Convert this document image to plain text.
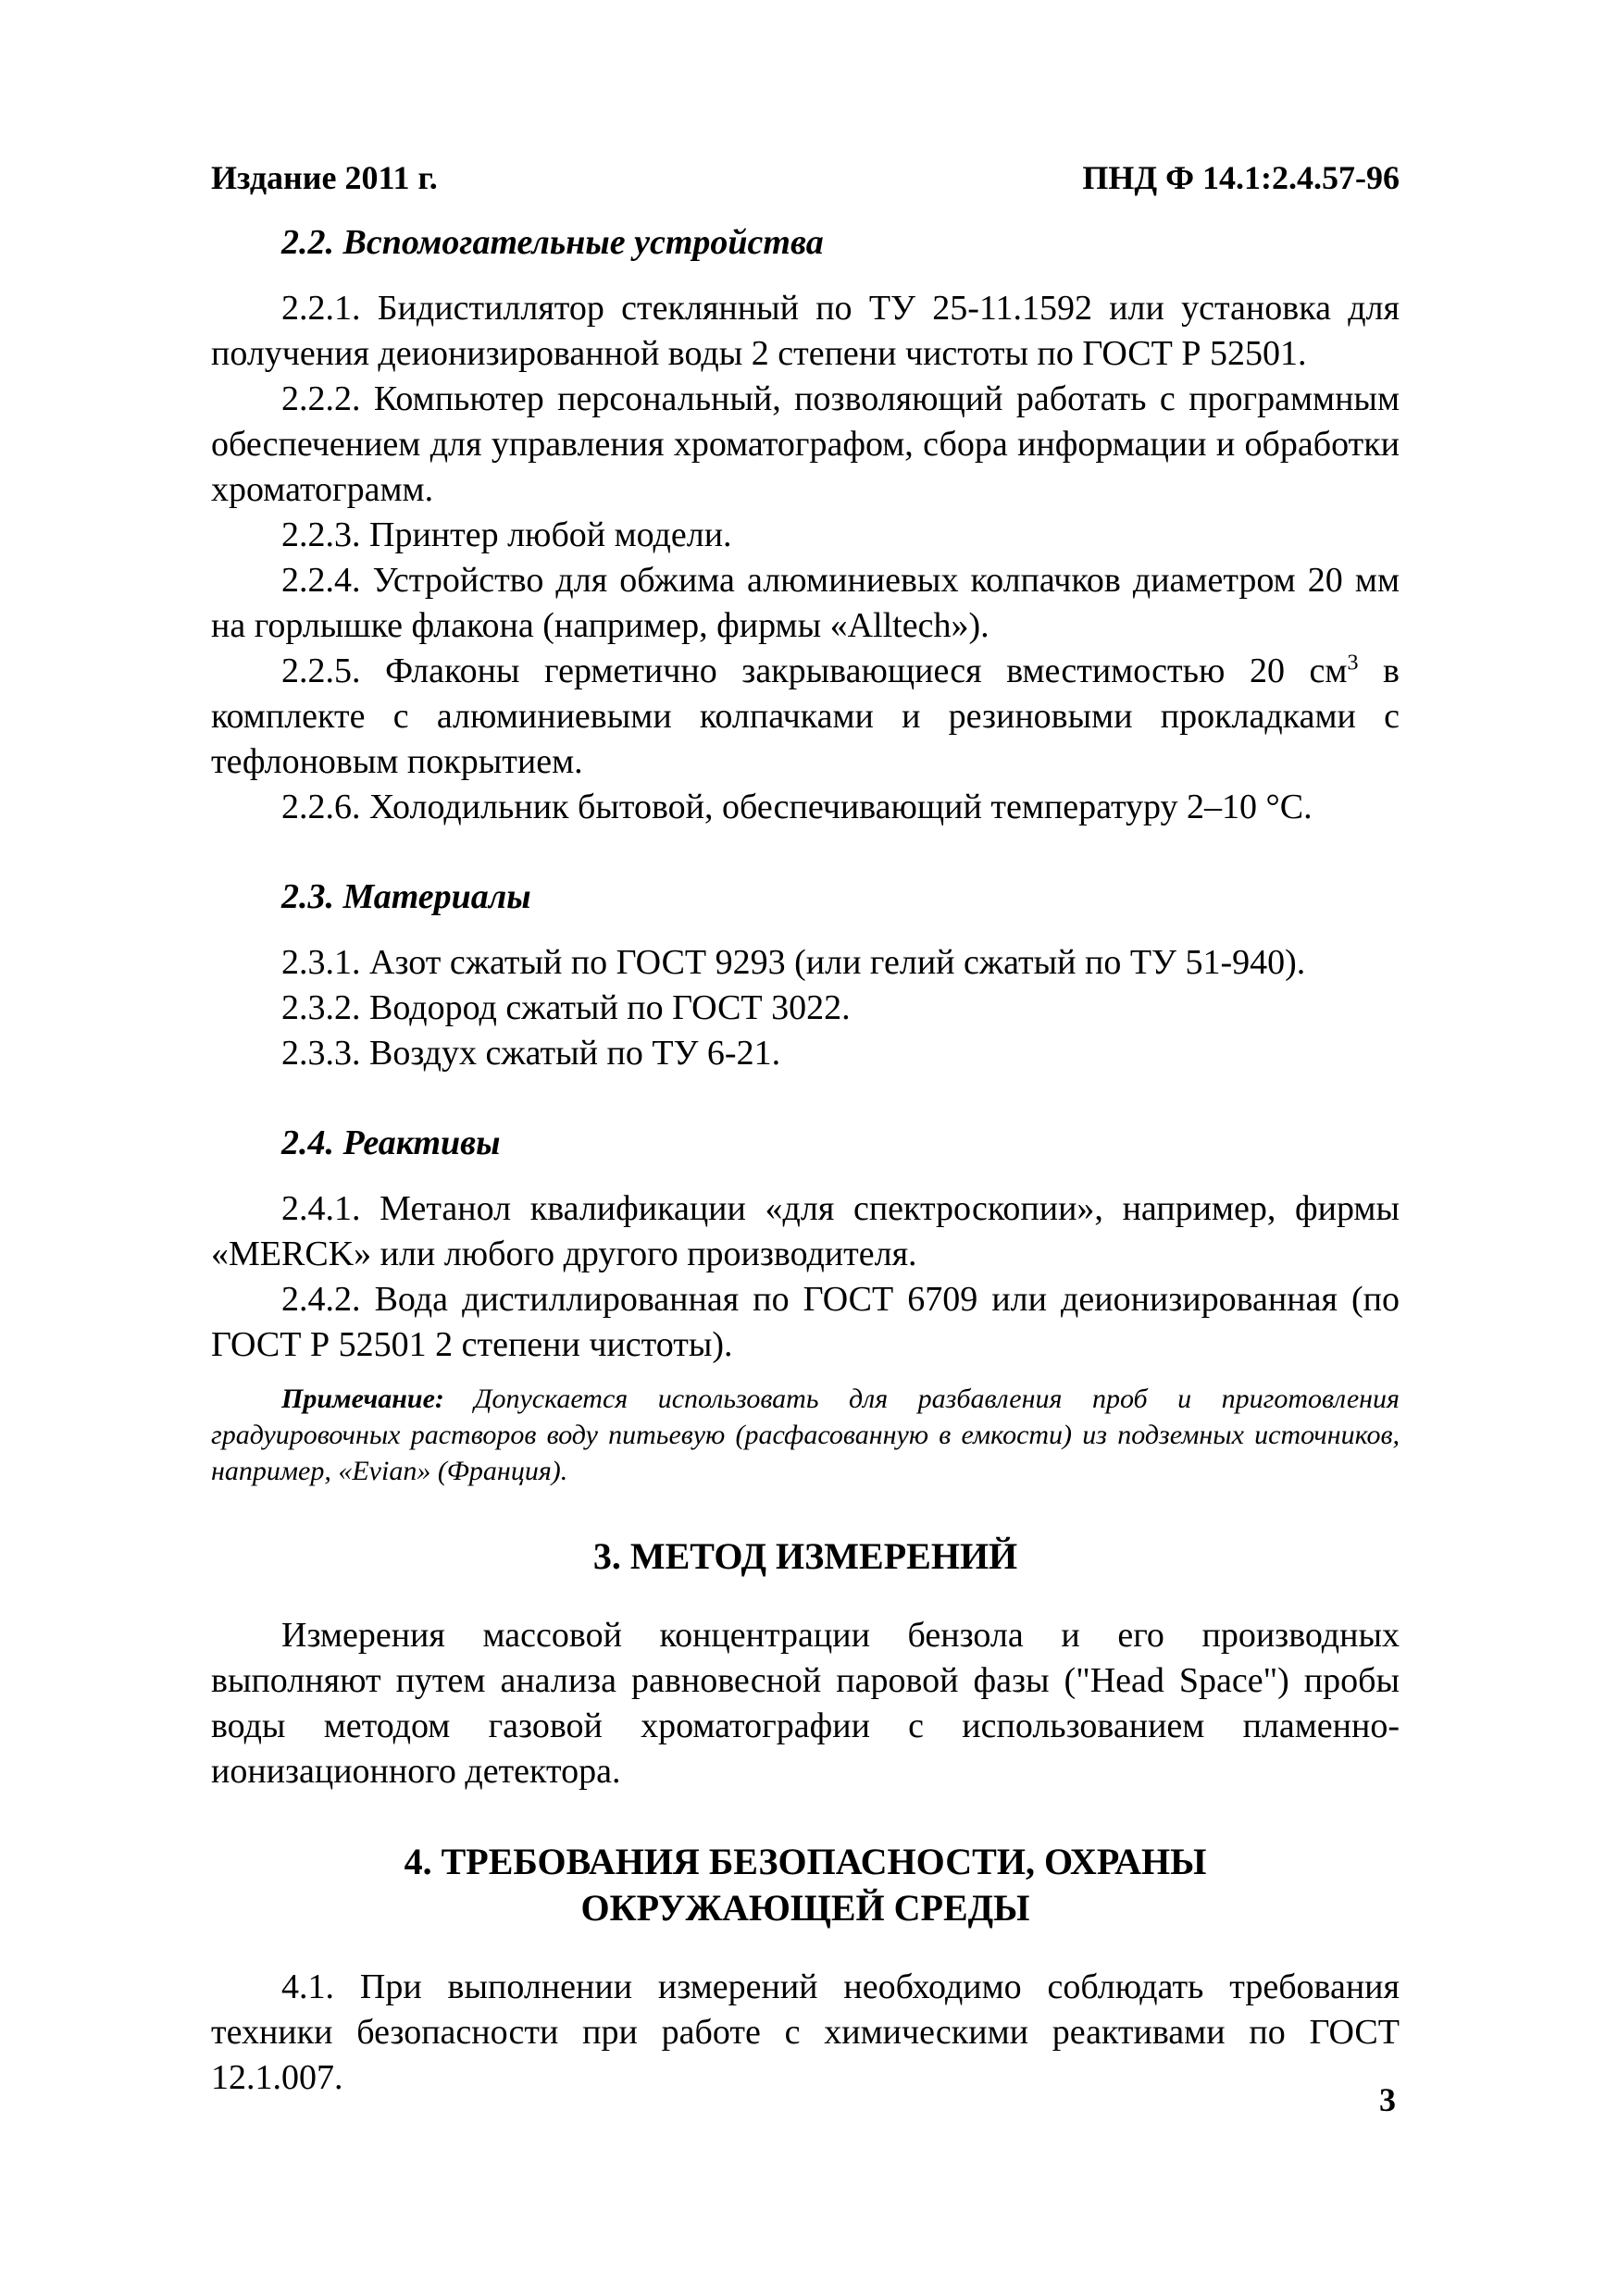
Издание 2011 г.	ПНД Ф 14.1:2.4.57-96

2.2. Вспомогательные устройства

2.2.1. Бидистиллятор стеклянный по ТУ 25-11.1592 или установка для получения деионизированной воды 2 степени чистоты по ГОСТ Р 52501.

2.2.2. Компьютер персональный, позволяющий работать с программным обеспечением для управления хроматографом, сбора информации и обработки хроматограмм.

2.2.3. Принтер любой модели.

2.2.4. Устройство для обжима алюминиевых колпачков диаметром 20 мм на горлышке флакона (например, фирмы «Alltech»).

2.2.5. Флаконы герметично закрывающиеся вместимостью 20 $см^3$ в комплекте с алюминиевыми колпачками и резиновыми прокладками с тефлоновым покрытием.

2.2.6. Холодильник бытовой, обеспечивающий температуру 2–10 °С.

2.3. Материалы

2.3.1. Азот сжатый по ГОСТ 9293 (или гелий сжатый по ТУ 51-940).

2.3.2. Водород сжатый по ГОСТ 3022.

2.3.3. Воздух сжатый по ТУ 6-21.

2.4. Реактивы

2.4.1. Метанол квалификации «для спектроскопии», например, фирмы «MERCK» или любого другого производителя.

2.4.2. Вода дистиллированная по ГОСТ 6709 или деионизированная (по ГОСТ Р 52501 2 степени чистоты).

Примечание: Допускается использовать для разбавления проб и приготовления градуировочных растворов воду питьевую (расфасованную в емкости) из подземных источников, например, «Evian» (Франция).

3. МЕТОД ИЗМЕРЕНИЙ

Измерения массовой концентрации бензола и его производных выполняют путем анализа равновесной паровой фазы ("Head Space") пробы воды методом газовой хроматографии с использованием пламенно-ионизационного детектора.

4. ТРЕБОВАНИЯ БЕЗОПАСНОСТИ, ОХРАНЫ

ОКРУЖАЮЩЕЙ СРЕДЫ

4.1. При выполнении измерений необходимо соблюдать требования техники безопасности при работе с химическими реактивами по ГОСТ 12.1.007.

3
